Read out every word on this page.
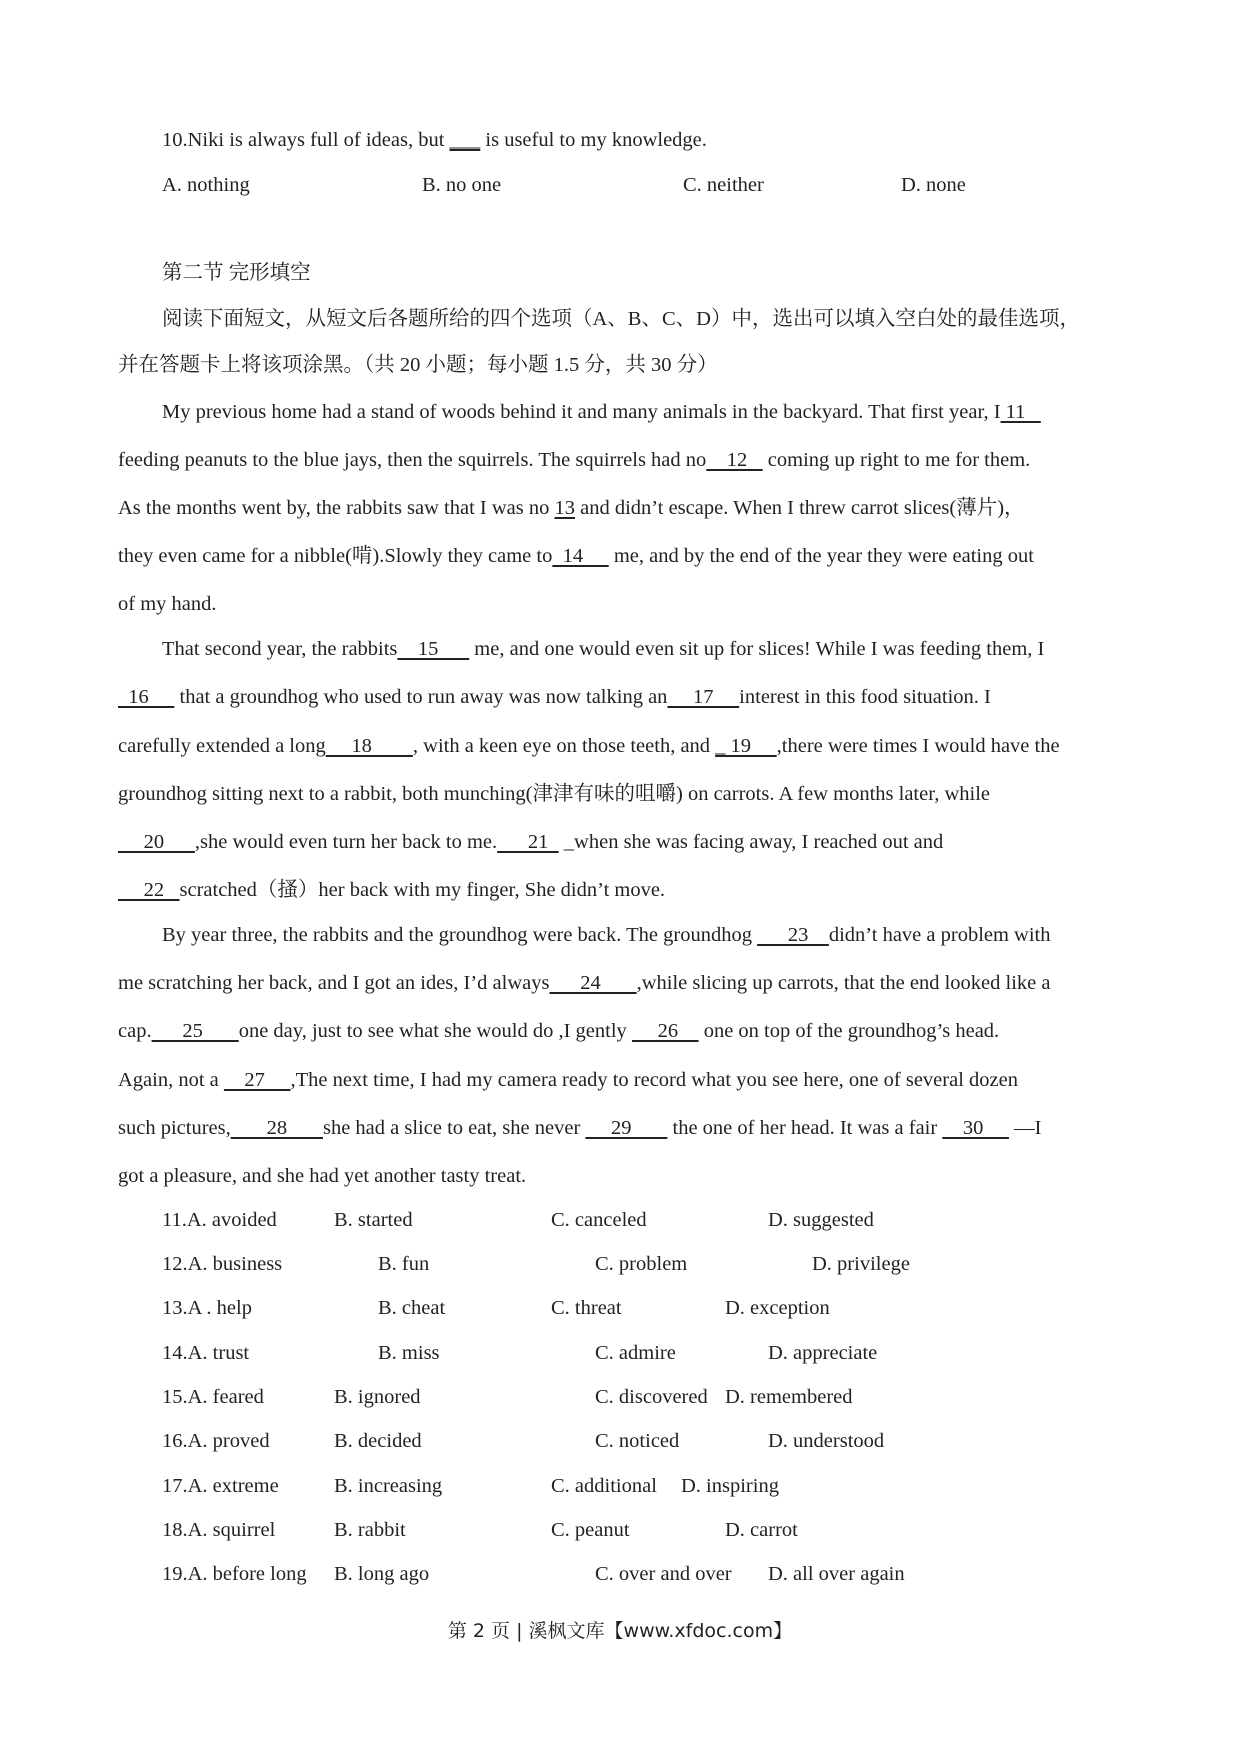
10.Niki is always full of ideas, but ___ is useful to my knowledge.
A. nothing	B. no one	C. neither	D. none
第二节 完形填空
阅读下面短文，从短文后各题所给的四个选项（A、B、C、D）中，选出可以填入空白处的最佳选项，
并在答题卡上将该项涂黑。（共 20 小题；每小题 1.5 分，共 30 分）
My previous home had a stand of woods behind it and many animals in the backyard. That first year, I 11
feeding peanuts to the blue jays, then the squirrels. The squirrels had no    12    coming up right to me for them.
As the months went by, the rabbits saw that I was no 13 and didn’t escape. When I threw carrot slices(薄片)，
they even came for a nibble(啃).Slowly they came to  14      me, and by the end of the year they were eating out
of my hand.
That second year, the rabbits    15       me, and one would even sit up for slices! While I was feeding them, I
16      that a groundhog who used to run away was now talking an     17     interest in this food situation. I
carefully extended a long     18        , with a keen eye on those teeth, and _ 19     ,there were times I would have the
groundhog sitting next to a rabbit, both munching(津津有味的咀嚼) on carrots. A few months later, while
20      ,she would even turn her back to me.      21   _when she was facing away, I reached out and
22   scratched（搔）her back with my finger, She didn’t move.
By year three, the rabbits and the groundhog were back. The groundhog       23    didn’t have a problem with
me scratching her back, and I got an ides, I’d always      24       ,while slicing up carrots, that the end looked like a
cap.      25       one day, just to see what she would do ,I gently      26     one on top of the groundhog’s head.
Again, not a     27     ,The next time, I had my camera ready to record what you see here, one of several dozen
such pictures,       28       she had a slice to eat, she never      29        the one of her head. It was a fair     30      —I
got a pleasure, and she had yet another tasty treat.
11.A. avoided	B. started	C. canceled	D. suggested
12.A. business	B. fun	C. problem	D. privilege
13.A . help	B. cheat	C. threat	D. exception
14.A. trust	B. miss	C. admire	D. appreciate
15.A. feared	B. ignored	C. discovered D. remembered
16.A. proved	B. decided	C. noticed	D. understood
17.A. extreme	B. increasing	C. additional D. inspiring
18.A. squirrel	B. rabbit	C. peanut	D. carrot
19.A. before long B. long ago	C. over and over D. all over again
第 2 页 | 溪枫文库【www.xfdoc.com】
